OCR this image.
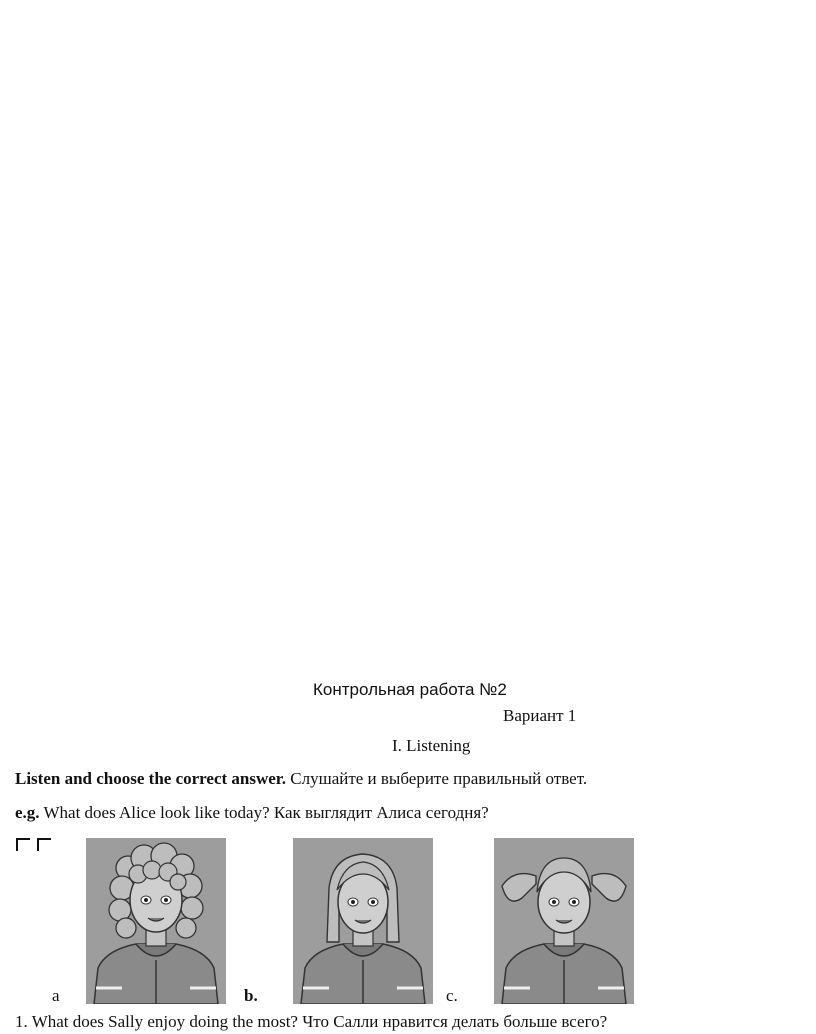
Контрольная работа №2
Вариант 1
I. Listening
Listen and choose the correct answer. Слушайте и выберите правильный ответ.
e.g. What does Alice look like today? Как выглядит Алиса сегодня?
a	b.	c.
1. What does Sally enjoy doing the most? Что Салли нравится делать больше всего?
